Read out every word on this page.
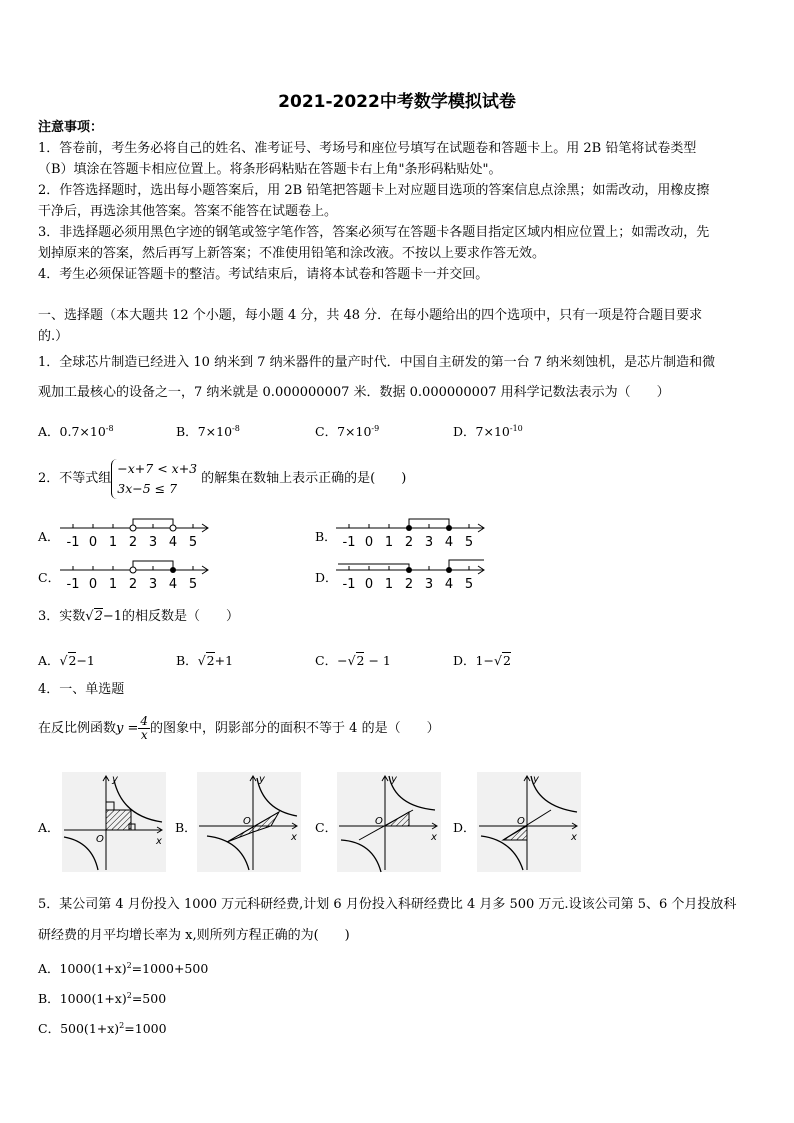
2021-2022中考数学模拟试卷
注意事项：
1．答卷前，考生务必将自己的姓名、准考证号、考场号和座位号填写在试题卷和答题卡上。用 2B 铅笔将试卷类型
（B）填涂在答题卡相应位置上。将条形码粘贴在答题卡右上角"条形码粘贴处"。
2．作答选择题时，选出每小题答案后，用 2B 铅笔把答题卡上对应题目选项的答案信息点涂黑；如需改动，用橡皮擦
干净后，再选涂其他答案。答案不能答在试题卷上。
3．非选择题必须用黑色字迹的钢笔或签字笔作答，答案必须写在答题卡各题目指定区域内相应位置上；如需改动，先
划掉原来的答案，然后再写上新答案；不准使用铅笔和涂改液。不按以上要求作答无效。
4．考生必须保证答题卡的整洁。考试结束后，请将本试卷和答题卡一并交回。
一、选择题（本大题共 12 个小题，每小题 4 分，共 48 分．在每小题给出的四个选项中，只有一项是符合题目要求
的.）
1．全球芯片制造已经进入 10 纳米到 7 纳米器件的量产时代．中国自主研发的第一台 7 纳米刻蚀机，是芯片制造和微
观加工最核心的设备之一，7 纳米就是 0.000000007 米．数据 0.000000007 用科学记数法表示为（　　）
A．$0.7\times 10^{-8}$	B．$7\times 10^{-8}$	C．$7\times 10^{-9}$	D．$7\times 10^{-10}$
2．不等式组
−x+7 < x+3
3x−5 ≤ 7
的解集在数轴上表示正确的是(　　)
A． -1 0 1 2 3 4 5	B． -1 0 1 2 3 4 5
C． -1 0 1 2 3 4 5	D． -1 0 1 2 3 4 5
3．实数√2−1的相反数是（　　）
A．√2−1	B．√2+1	C．−√2 − 1	D．1−√2
4．一、单选题
在反比例函数$y = \frac{4}{x}$ 的图象中，阴影部分的面积不等于 4 的是（　　）
A．
y
x
O
B．
y
x
O	C．
y
x
O	D．
y
x
O
5．某公司第 4 月份投入 1000 万元科研经费,计划 6 月份投入科研经费比 4 月多 500 万元.设该公司第 5、6 个月投放科
研经费的月平均增长率为 x,则所列方程正确的为(　　)
A．$1000(1+x)^2=1000+500$
B．$1000(1+x)^2=500$
C．$500(1+x)^2=1000$
